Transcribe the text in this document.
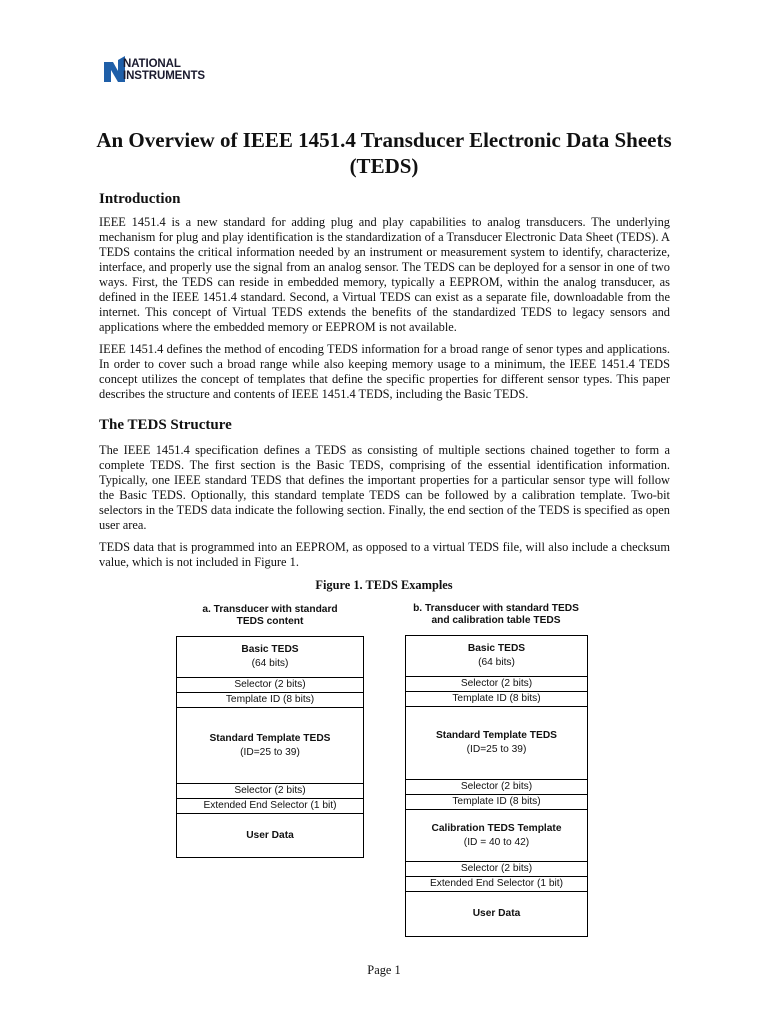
NATIONAL
INSTRUMENTS
An Overview of IEEE 1451.4 Transducer Electronic Data Sheets
(TEDS)
Introduction

IEEE 1451.4 is a new standard for adding plug and play capabilities to analog transducers. The underlying mechanism for plug and play identification is the standardization of a Transducer Electronic Data Sheet (TEDS). A TEDS contains the critical information needed by an instrument or measurement system to identify, characterize, interface, and properly use the signal from an analog sensor. The TEDS can be deployed for a sensor in one of two ways. First, the TEDS can reside in embedded memory, typically a EEPROM, within the analog transducer, as defined in the IEEE 1451.4 standard. Second, a Virtual TEDS can exist as a separate file, downloadable from the internet. This concept of Virtual TEDS extends the benefits of the standardized TEDS to legacy sensors and applications where the embedded memory or EEPROM is not available.

IEEE 1451.4 defines the method of encoding TEDS information for a broad range of senor types and applications. In order to cover such a broad range while also keeping memory usage to a minimum, the IEEE 1451.4 TEDS concept utilizes the concept of templates that define the specific properties for different sensor types. This paper describes the structure and contents of IEEE 1451.4 TEDS, including the Basic TEDS.

The TEDS Structure

The IEEE 1451.4 specification defines a TEDS as consisting of multiple sections chained together to form a complete TEDS. The first section is the Basic TEDS, comprising of the essential identification information. Typically, one IEEE standard TEDS that defines the important properties for a particular sensor type will follow the Basic TEDS. Optionally, this standard template TEDS can be followed by a calibration template. Two-bit selectors in the TEDS data indicate the following section. Finally, the end section of the TEDS is specified as open user area.

TEDS data that is programmed into an EEPROM, as opposed to a virtual TEDS file, will also include a checksum value, which is not included in Figure 1.

Figure 1. TEDS Examples
a. Transducer with standard
TEDS content
Basic TEDS
(64 bits)
Selector (2 bits)
Template ID (8 bits)
Standard Template TEDS
(ID=25 to 39)
Selector (2 bits)
Extended End Selector (1 bit)
User Data
b. Transducer with standard TEDS
and calibration table TEDS
Basic TEDS
(64 bits)
Selector (2 bits)
Template ID (8 bits)
Standard Template TEDS
(ID=25 to 39)
Selector (2 bits)
Template ID (8 bits)
Calibration TEDS Template
(ID = 40 to 42)
Selector (2 bits)
Extended End Selector (1 bit)
User Data
Page 1
